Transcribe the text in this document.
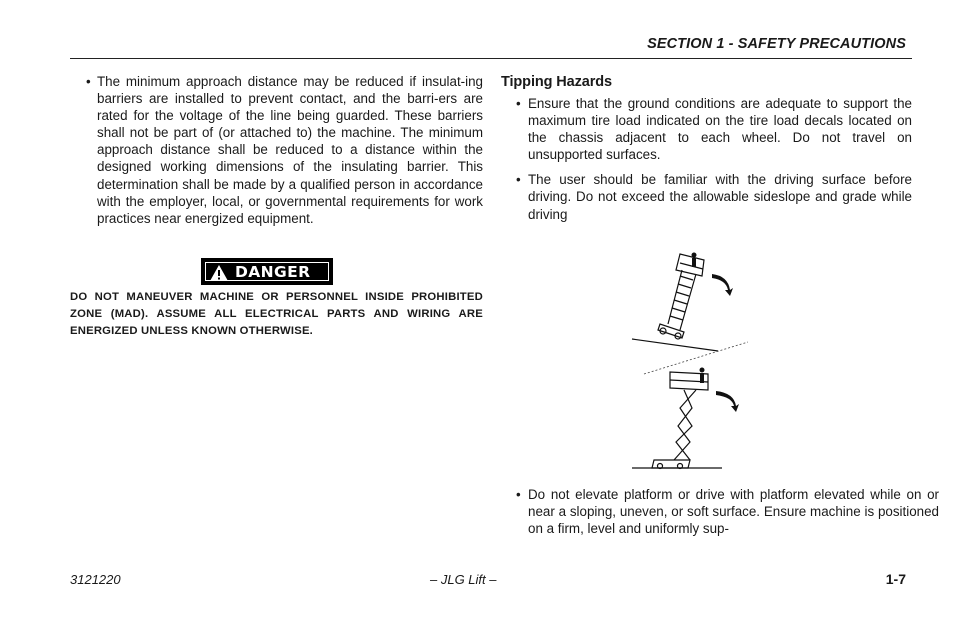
SECTION 1 - SAFETY PRECAUTIONS
• The minimum approach distance may be reduced if insulat-ing barriers are installed to prevent contact, and the barri-ers are rated for the voltage of the line being guarded. These barriers shall not be part of (or attached to) the machine. The minimum approach distance shall be reduced to a distance within the designed working dimensions of the insulating barrier. This determination shall be made by a qualified person in accordance with the employer, local, or governmental requirements for work practices near energized equipment.
DANGER
DO NOT MANEUVER MACHINE OR PERSONNEL INSIDE PROHIBITED ZONE (MAD). ASSUME ALL ELECTRICAL PARTS AND WIRING ARE ENERGIZED UNLESS KNOWN OTHERWISE.
Tipping Hazards
• Ensure that the ground conditions are adequate to support the maximum tire load indicated on the tire load decals located on the chassis adjacent to each wheel. Do not travel on unsupported surfaces.
• The user should be familiar with the driving surface before driving. Do not exceed the allowable sideslope and grade while driving
• Do not elevate platform or drive with platform elevated while on or near a sloping, uneven, or soft surface. Ensure machine is positioned on a firm, level and uniformly sup-
3121220	– JLG Lift –	1-7
